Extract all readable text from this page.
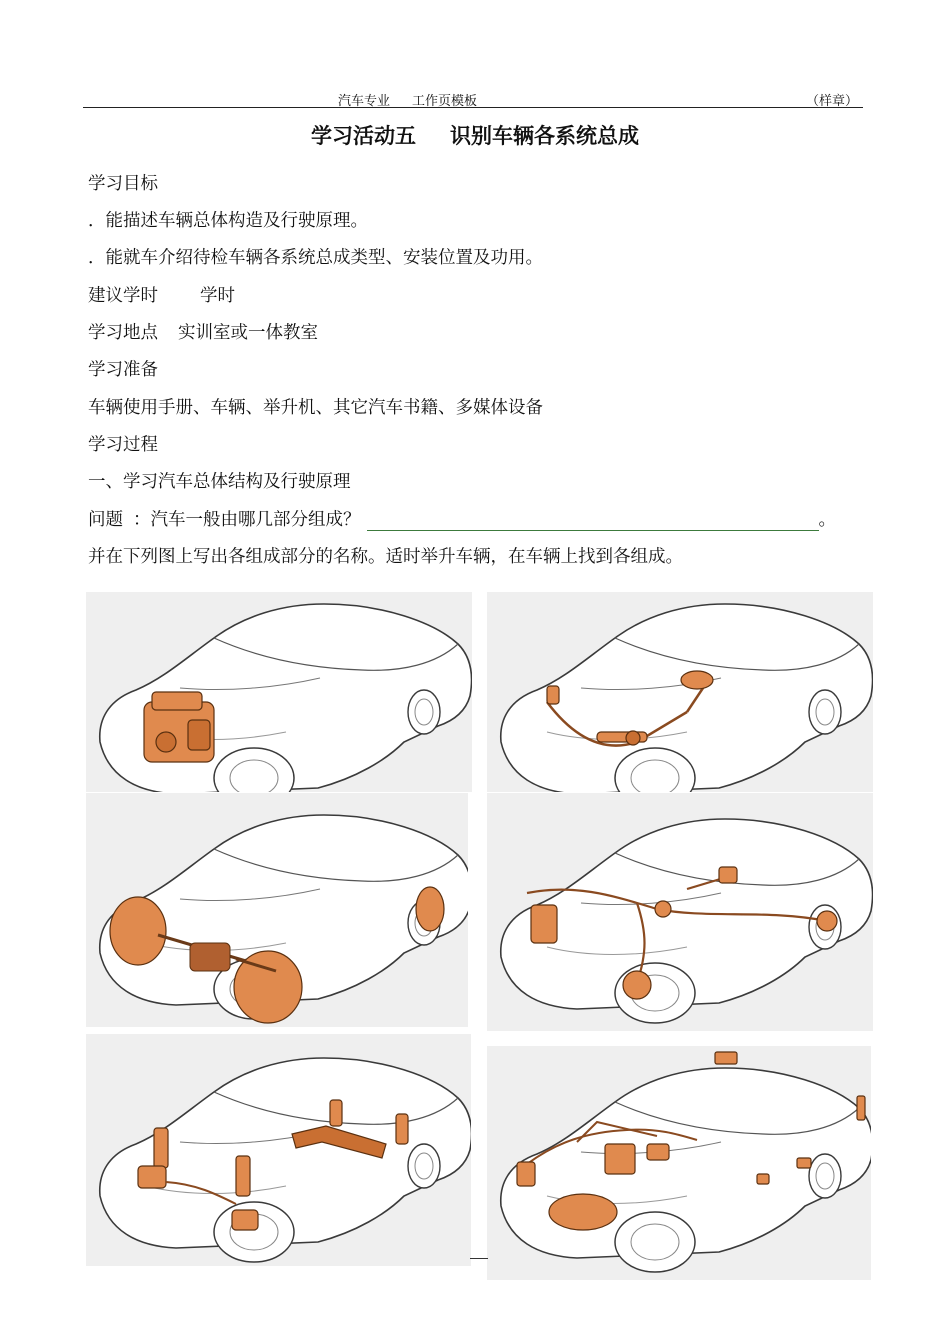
汽车专业 工作页模板	（样章）
学习活动五 识别车辆各系统总成
学习目标
．能描述车辆总体构造及行驶原理。
．能就车介绍待检车辆各系统总成类型、安装位置及功用。
建议学时 学时
学习地点 实训室或一体教室
学习准备
车辆使用手册、车辆、举升机、其它汽车书籍、多媒体设备
学习过程
一、学习汽车总体结构及行驶原理
问题 ：汽车一般由哪几部分组成？	。
并在下列图上写出各组成部分的名称。适时举升车辆，在车辆上找到各组成。
